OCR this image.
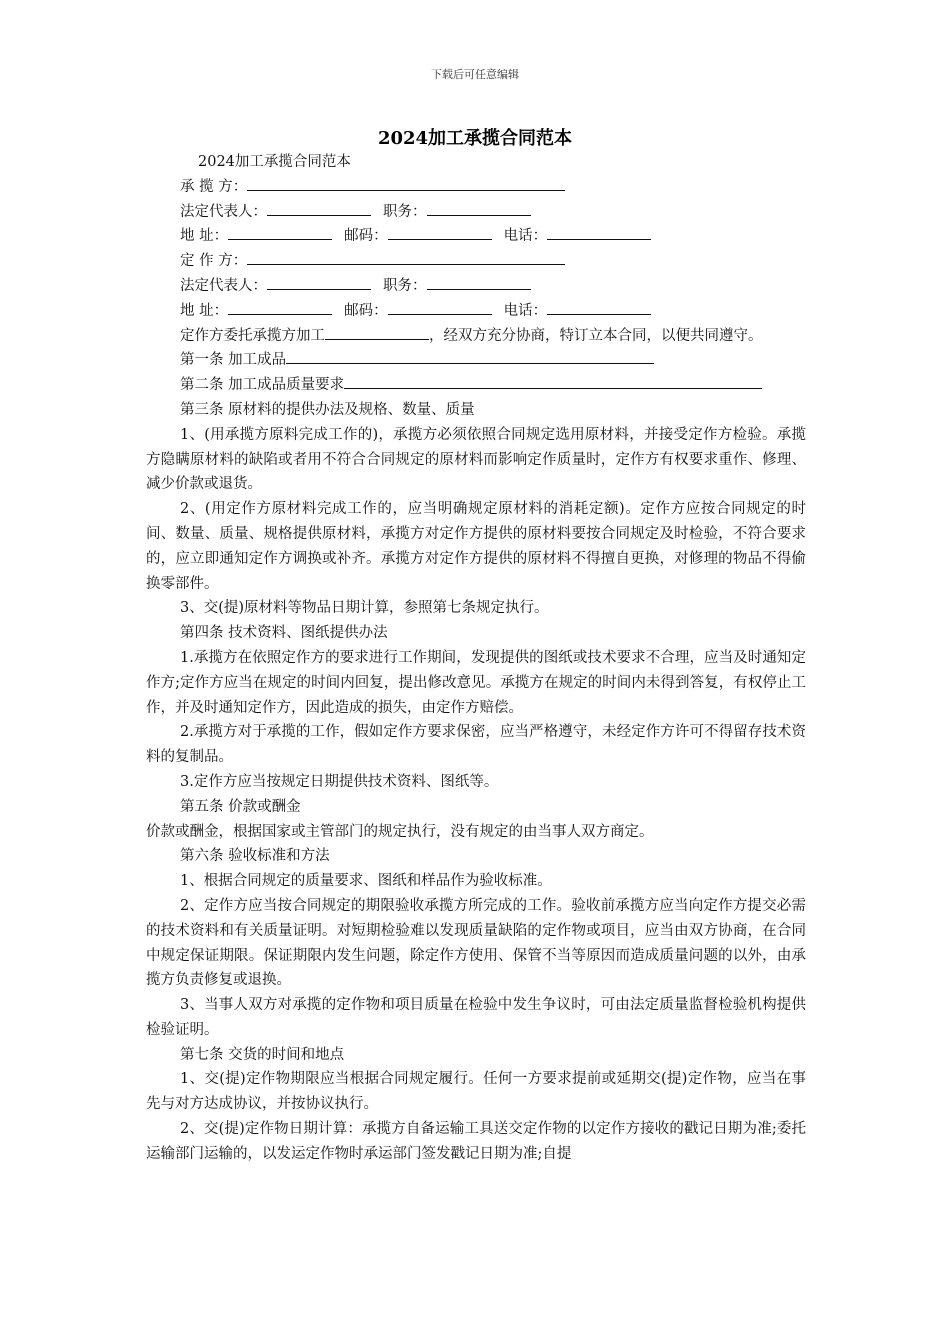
下载后可任意编辑
2024加工承揽合同范本

2024加工承揽合同范本

承 揽 方：

法定代表人：	职务：

地 址：	邮码：	电话：

定 作 方：

法定代表人：	职务：

地 址：	邮码：	电话：

定作方委托承揽方加工	，经双方充分协商，特订立本合同，以便共同遵守。

第一条 加工成品

第二条 加工成品质量要求

第三条 原材料的提供办法及规格、数量、质量

1、(用承揽方原料完成工作的)，承揽方必须依照合同规定选用原材料，并接受定作方检验。承揽方隐瞒原材料的缺陷或者用不符合合同规定的原材料而影响定作质量时，定作方有权要求重作、修理、减少价款或退货。

2、(用定作方原材料完成工作的，应当明确规定原材料的消耗定额)。定作方应按合同规定的时间、数量、质量、规格提供原材料，承揽方对定作方提供的原材料要按合同规定及时检验，不符合要求的，应立即通知定作方调换或补齐。承揽方对定作方提供的原材料不得擅自更换，对修理的物品不得偷换零部件。

3、交(提)原材料等物品日期计算，参照第七条规定执行。

第四条 技术资料、图纸提供办法

1.承揽方在依照定作方的要求进行工作期间，发现提供的图纸或技术要求不合理，应当及时通知定作方;定作方应当在规定的时间内回复，提出修改意见。承揽方在规定的时间内未得到答复，有权停止工作，并及时通知定作方，因此造成的损失，由定作方赔偿。

2.承揽方对于承揽的工作，假如定作方要求保密，应当严格遵守，未经定作方许可不得留存技术资料的复制品。

3.定作方应当按规定日期提供技术资料、图纸等。

第五条 价款或酬金

价款或酬金，根据国家或主管部门的规定执行，没有规定的由当事人双方商定。

第六条 验收标准和方法

1、根据合同规定的质量要求、图纸和样品作为验收标准。

2、定作方应当按合同规定的期限验收承揽方所完成的工作。验收前承揽方应当向定作方提交必需的技术资料和有关质量证明。对短期检验难以发现质量缺陷的定作物或项目，应当由双方协商，在合同中规定保证期限。保证期限内发生问题，除定作方使用、保管不当等原因而造成质量问题的以外，由承揽方负责修复或退换。

3、当事人双方对承揽的定作物和项目质量在检验中发生争议时，可由法定质量监督检验机构提供检验证明。

第七条 交货的时间和地点

1、交(提)定作物期限应当根据合同规定履行。任何一方要求提前或延期交(提)定作物，应当在事先与对方达成协议，并按协议执行。

2、交(提)定作物日期计算：承揽方自备运输工具送交定作物的以定作方接收的戳记日期为准;委托运输部门运输的，以发运定作物时承运部门签发戳记日期为准;自提
